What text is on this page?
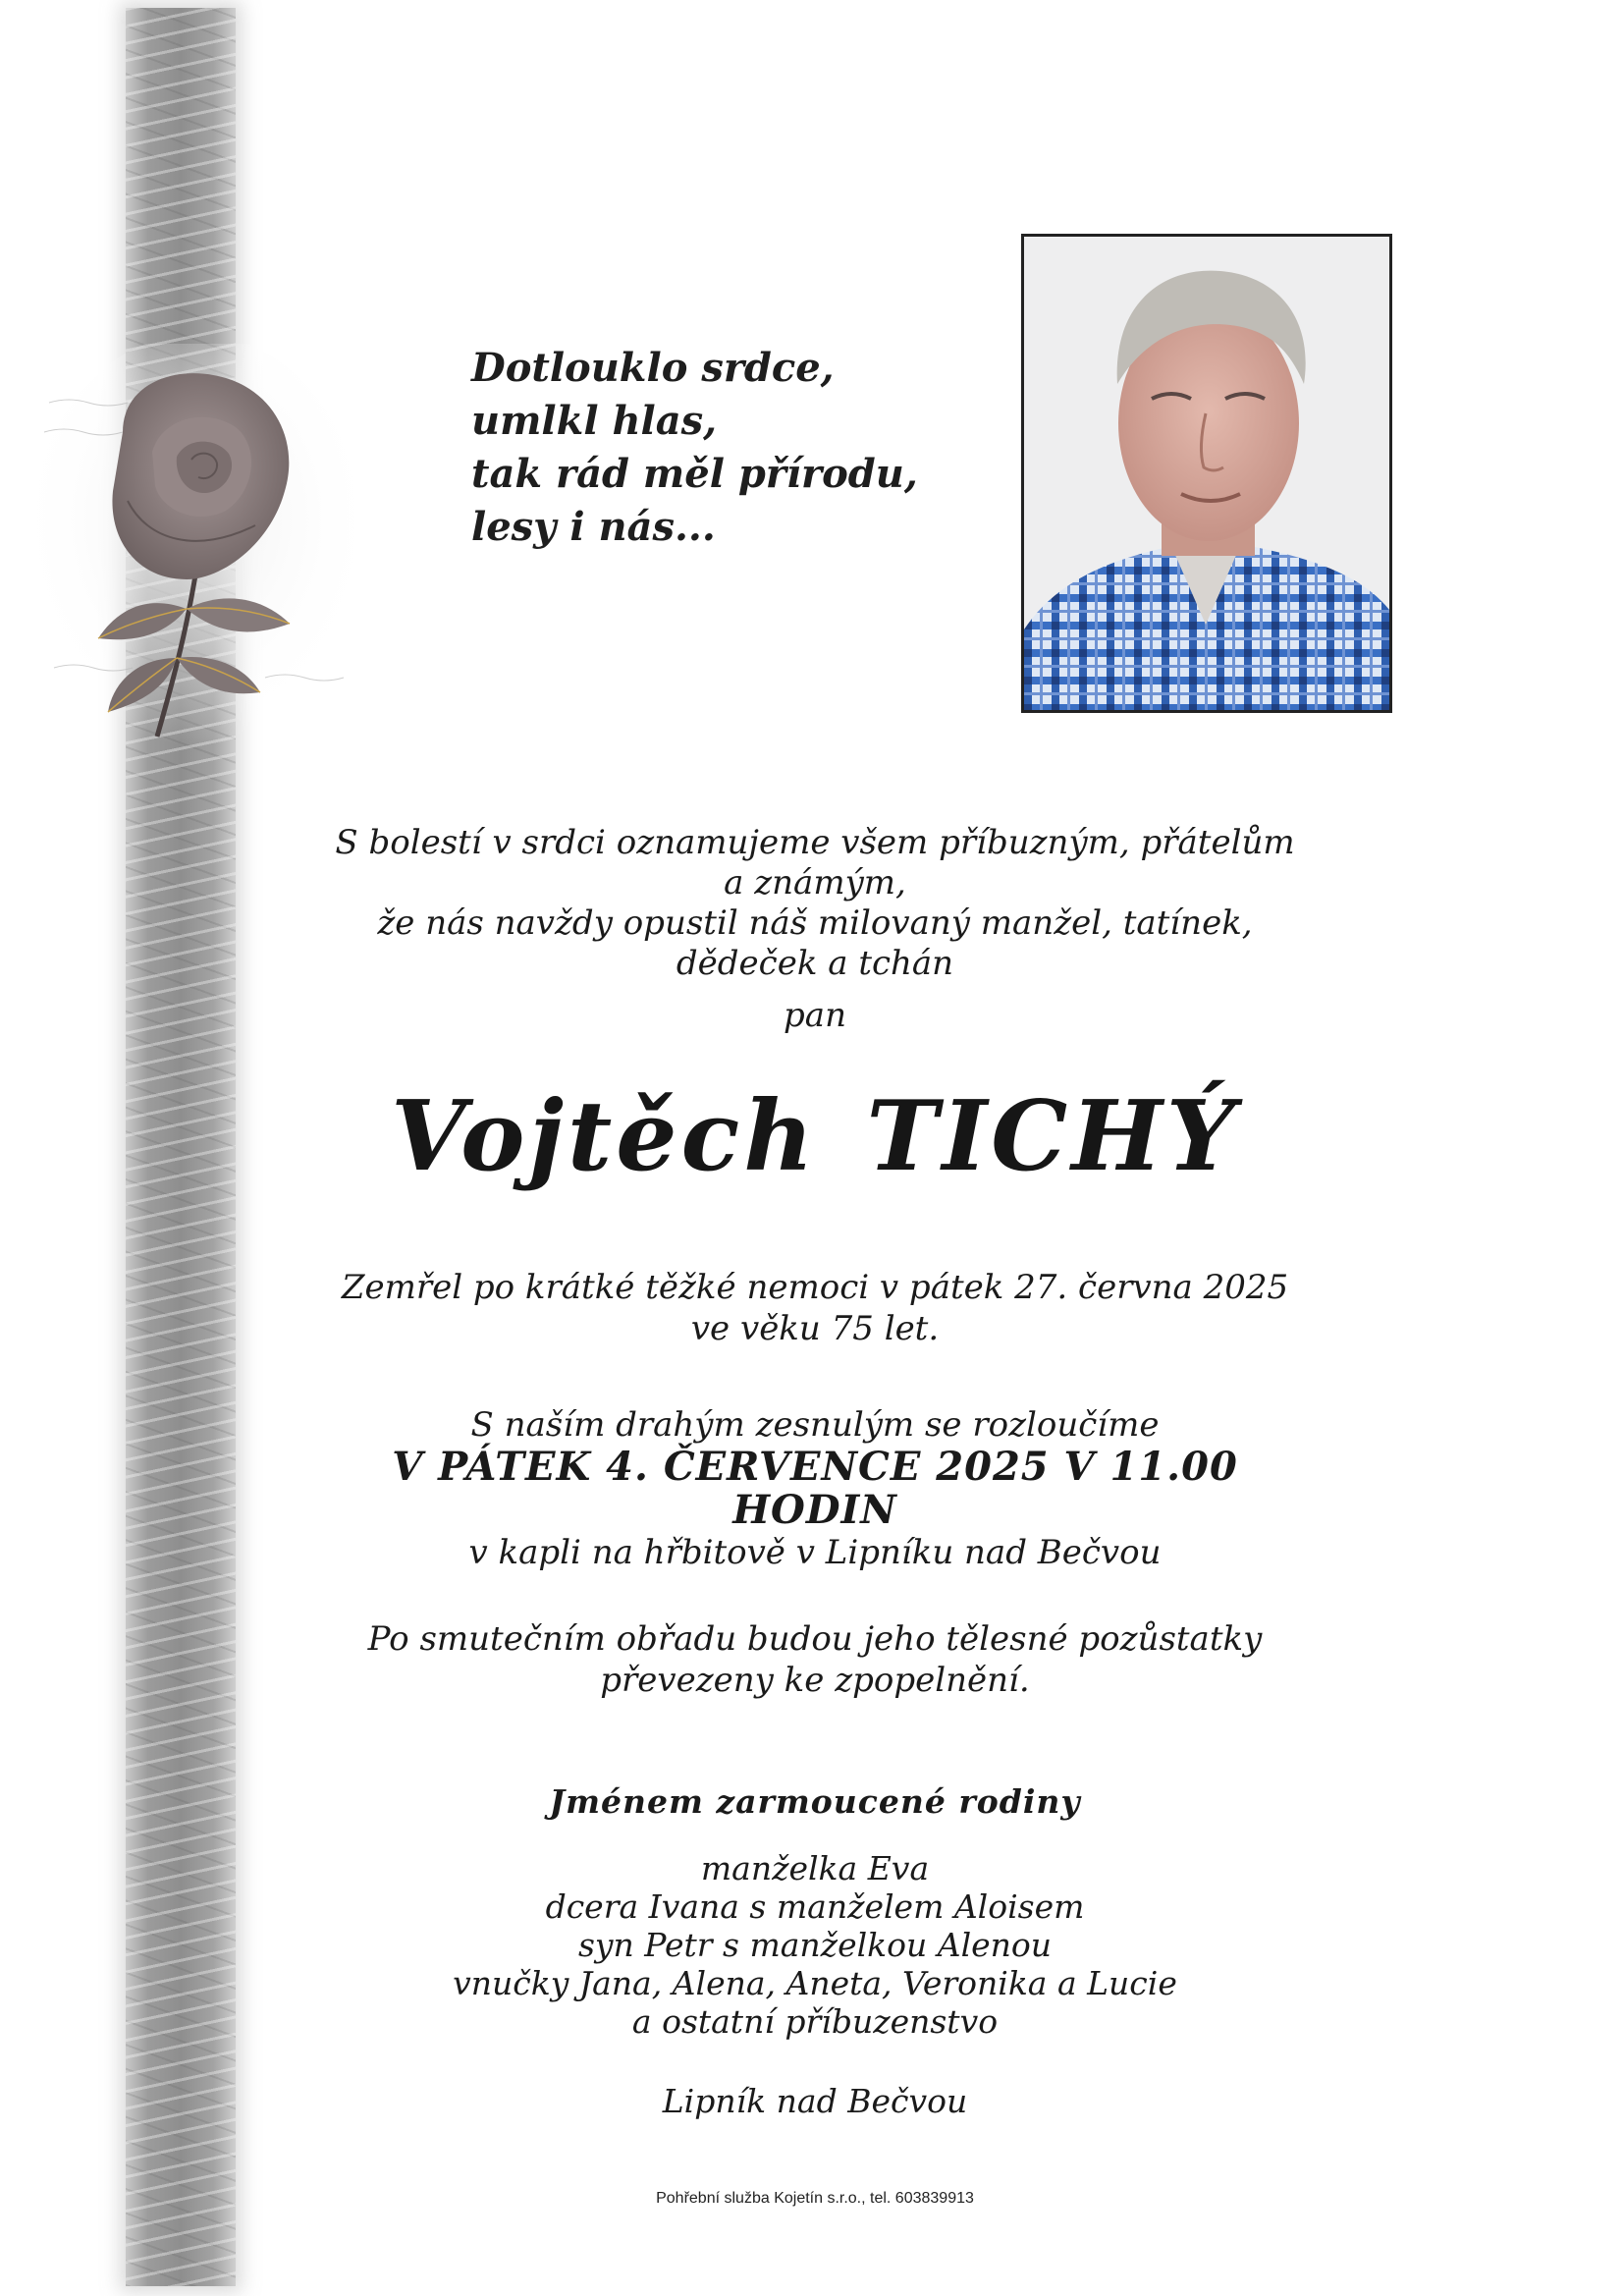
Dotlouklo srdce,
umlkl hlas,
tak rád měl přírodu,
lesy i nás...
S bolestí v srdci oznamujeme všem příbuzným, přátelům a známým,
že nás navždy opustil náš milovaný manžel, tatínek,
dědeček a tchán
pan
Vojtěch TICHÝ
Zemřel po krátké těžké nemoci v pátek 27. června 2025
ve věku 75 let.
S naším drahým zesnulým se rozloučíme
V PÁTEK 4. ČERVENCE 2025 V 11.00 HODIN
v kapli na hřbitově v Lipníku nad Bečvou
Po smutečním obřadu budou jeho tělesné pozůstatky
převezeny ke zpopelnění.
Jménem zarmoucené rodiny
manželka Eva
dcera Ivana s manželem Aloisem
syn Petr s manželkou Alenou
vnučky Jana, Alena, Aneta, Veronika a Lucie
a ostatní příbuzenstvo
Lipník nad Bečvou
Pohřební služba Kojetín s.r.o., tel. 603839913
